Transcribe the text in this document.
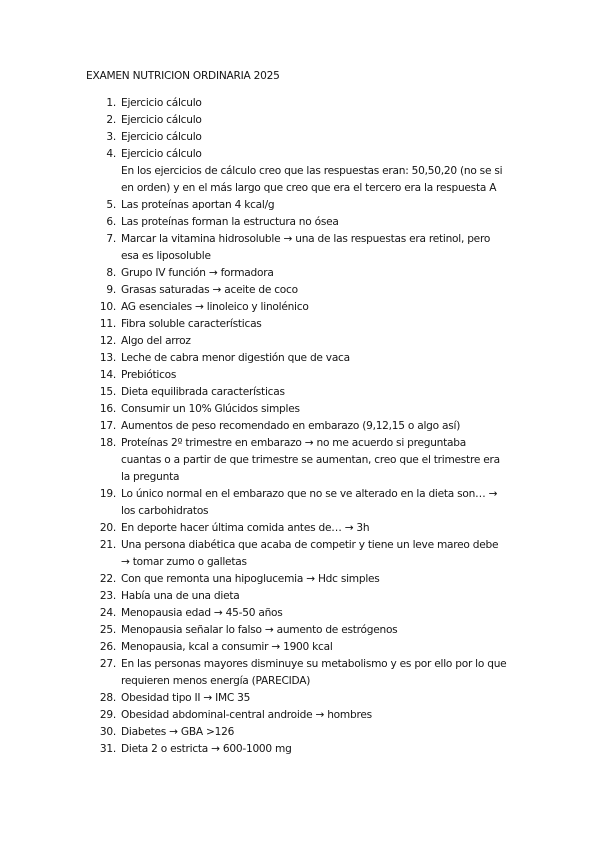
EXAMEN NUTRICION ORDINARIA 2025
1. Ejercicio cálculo
2. Ejercicio cálculo
3. Ejercicio cálculo
4. Ejercicio cálculo
En los ejercicios de cálculo creo que las respuestas eran: 50,50,20 (no se si
en orden) y en el más largo que creo que era el tercero era la respuesta A
5. Las proteínas aportan 4 kcal/g
6. Las proteínas forman la estructura no ósea
7. Marcar la vitamina hidrosoluble → una de las respuestas era retinol, pero
esa es liposoluble
8. Grupo IV función → formadora
9. Grasas saturadas → aceite de coco
10. AG esenciales → linoleico y linolénico
11. Fibra soluble características
12. Algo del arroz
13. Leche de cabra menor digestión que de vaca
14. Prebióticos
15. Dieta equilibrada características
16. Consumir un 10% Glúcidos simples
17. Aumentos de peso recomendado en embarazo (9,12,15 o algo así)
18. Proteínas 2º trimestre en embarazo → no me acuerdo si preguntaba
cuantas o a partir de que trimestre se aumentan, creo que el trimestre era
la pregunta
19. Lo único normal en el embarazo que no se ve alterado en la dieta son… →
los carbohidratos
20. En deporte hacer última comida antes de… → 3h
21. Una persona diabética que acaba de competir y tiene un leve mareo debe
→ tomar zumo o galletas
22. Con que remonta una hipoglucemia → Hdc simples
23. Había una de una dieta
24. Menopausia edad → 45-50 años
25. Menopausia señalar lo falso → aumento de estrógenos
26. Menopausia, kcal a consumir → 1900 kcal
27. En las personas mayores disminuye su metabolismo y es por ello por lo que
requieren menos energía (PARECIDA)
28. Obesidad tipo II → IMC 35
29. Obesidad abdominal-central androide → hombres
30. Diabetes → GBA >126
31. Dieta 2 o estricta → 600-1000 mg
